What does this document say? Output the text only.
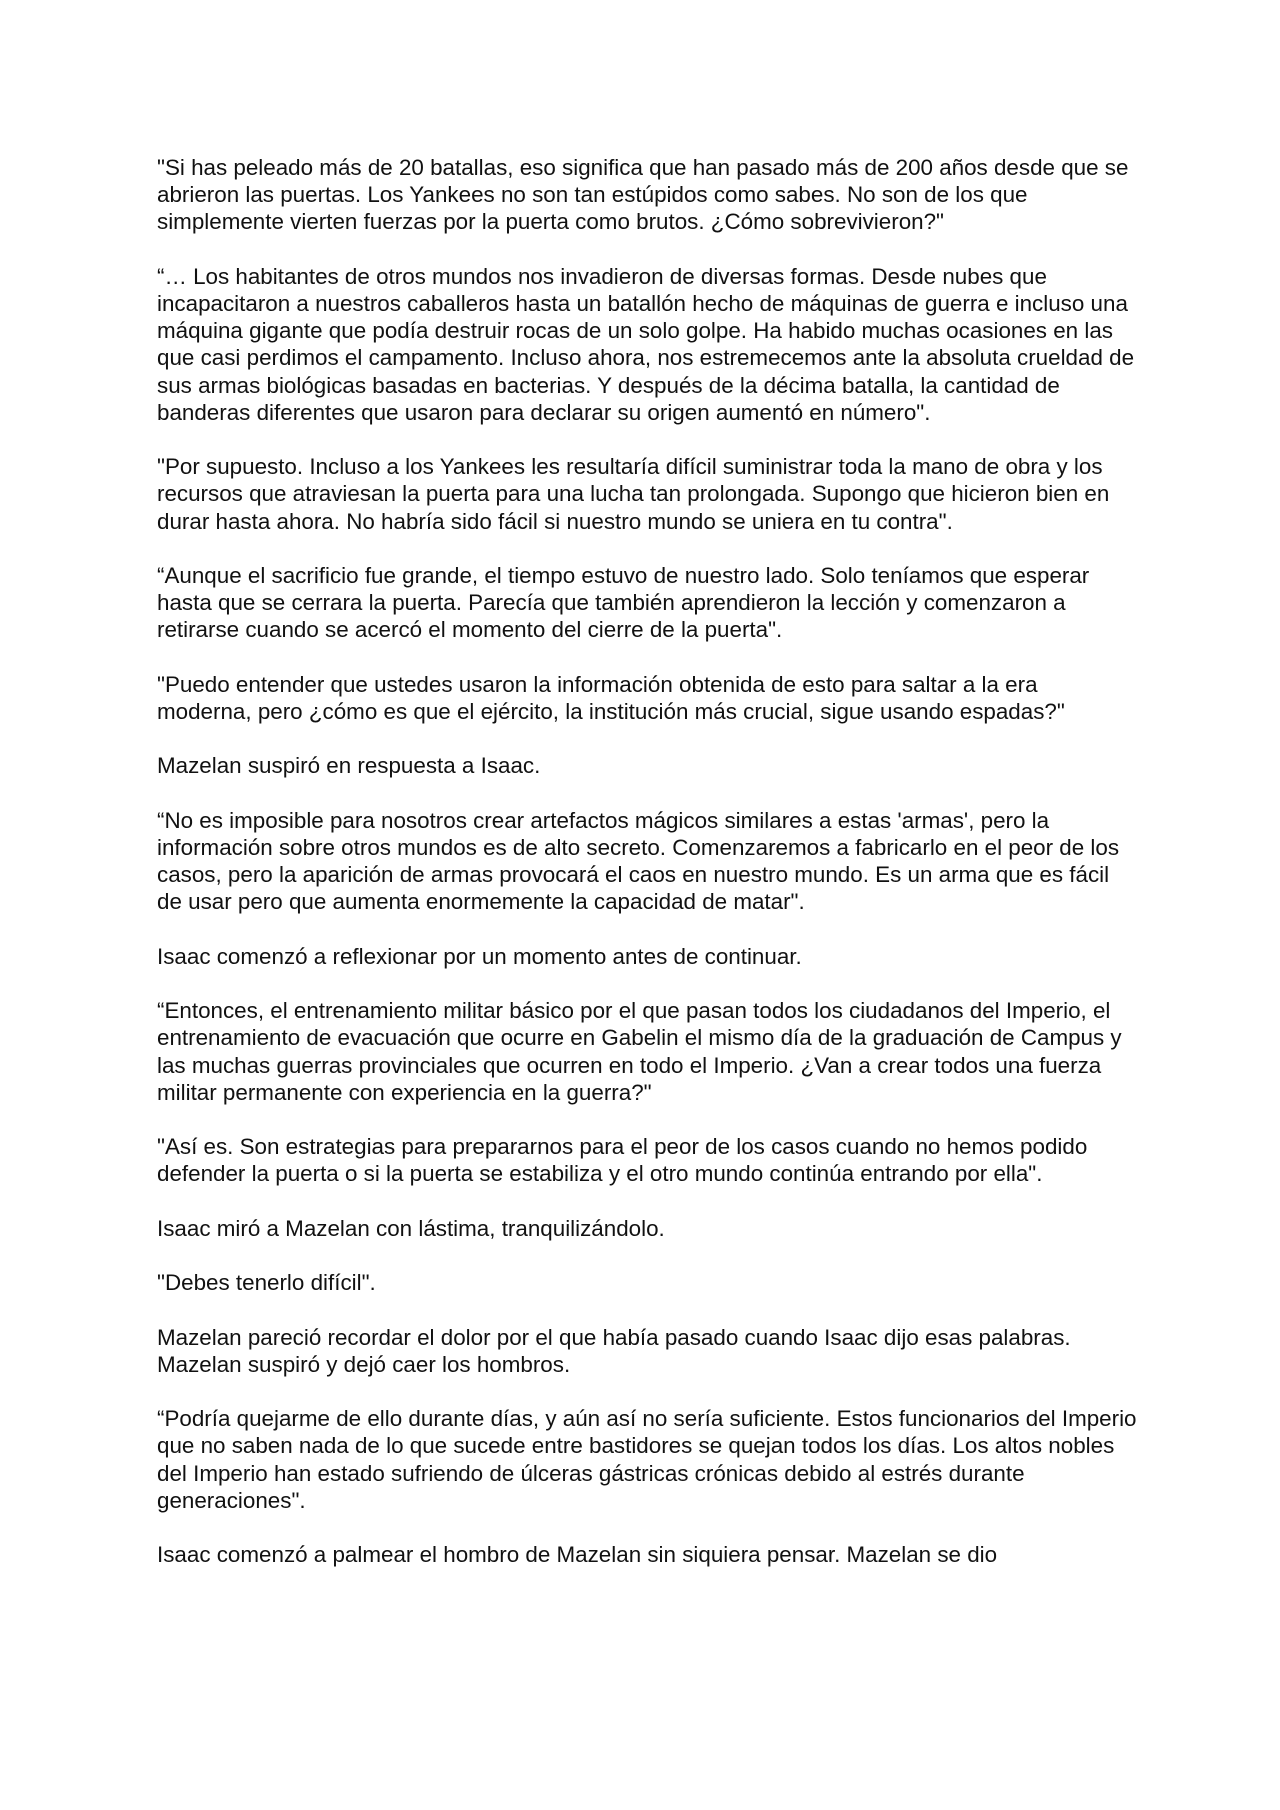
"Si has peleado más de 20 batallas, eso significa que han pasado más de 200 años desde que se abrieron las puertas. Los Yankees no son tan estúpidos como sabes. No son de los que simplemente vierten fuerzas por la puerta como brutos. ¿Cómo sobrevivieron?"

“… Los habitantes de otros mundos nos invadieron de diversas formas. Desde nubes que incapacitaron a nuestros caballeros hasta un batallón hecho de máquinas de guerra e incluso una máquina gigante que podía destruir rocas de un solo golpe. Ha habido muchas ocasiones en las que casi perdimos el campamento. Incluso ahora, nos estremecemos ante la absoluta crueldad de sus armas biológicas basadas en bacterias. Y después de la décima batalla, la cantidad de banderas diferentes que usaron para declarar su origen aumentó en número".

"Por supuesto. Incluso a los Yankees les resultaría difícil suministrar toda la mano de obra y los recursos que atraviesan la puerta para una lucha tan prolongada. Supongo que hicieron bien en durar hasta ahora. No habría sido fácil si nuestro mundo se uniera en tu contra".

“Aunque el sacrificio fue grande, el tiempo estuvo de nuestro lado. Solo teníamos que esperar hasta que se cerrara la puerta. Parecía que también aprendieron la lección y comenzaron a retirarse cuando se acercó el momento del cierre de la puerta".

"Puedo entender que ustedes usaron la información obtenida de esto para saltar a la era moderna, pero ¿cómo es que el ejército, la institución más crucial, sigue usando espadas?"

Mazelan suspiró en respuesta a Isaac.

“No es imposible para nosotros crear artefactos mágicos similares a estas 'armas', pero la información sobre otros mundos es de alto secreto. Comenzaremos a fabricarlo en el peor de los casos, pero la aparición de armas provocará el caos en nuestro mundo. Es un arma que es fácil de usar pero que aumenta enormemente la capacidad de matar".

Isaac comenzó a reflexionar por un momento antes de continuar.

“Entonces, el entrenamiento militar básico por el que pasan todos los ciudadanos del Imperio, el entrenamiento de evacuación que ocurre en Gabelin el mismo día de la graduación de Campus y las muchas guerras provinciales que ocurren en todo el Imperio. ¿Van a crear todos una fuerza militar permanente con experiencia en la guerra?"

"Así es. Son estrategias para prepararnos para el peor de los casos cuando no hemos podido defender la puerta o si la puerta se estabiliza y el otro mundo continúa entrando por ella".

Isaac miró a Mazelan con lástima, tranquilizándolo.

"Debes tenerlo difícil".

Mazelan pareció recordar el dolor por el que había pasado cuando Isaac dijo esas palabras. Mazelan suspiró y dejó caer los hombros.

“Podría quejarme de ello durante días, y aún así no sería suficiente. Estos funcionarios del Imperio que no saben nada de lo que sucede entre bastidores se quejan todos los días. Los altos nobles del Imperio han estado sufriendo de úlceras gástricas crónicas debido al estrés durante generaciones".

Isaac comenzó a palmear el hombro de Mazelan sin siquiera pensar. Mazelan se dio
